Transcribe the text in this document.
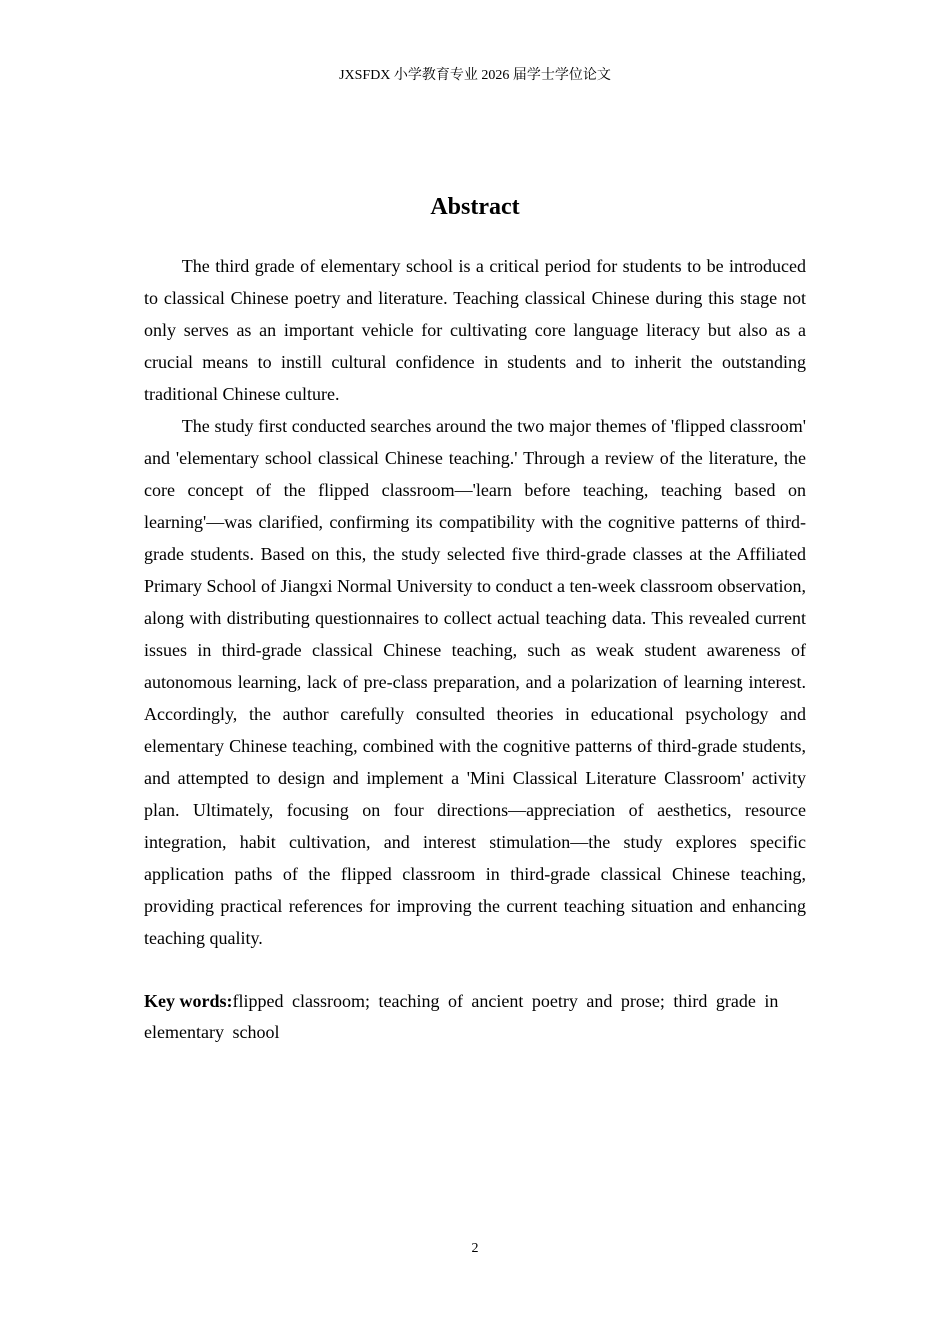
JXSFDX 小学教育专业 2026 届学士学位论文
Abstract

The third grade of elementary school is a critical period for students to be introduced to classical Chinese poetry and literature. Teaching classical Chinese during this stage not only serves as an important vehicle for cultivating core language literacy but also as a crucial means to instill cultural confidence in students and to inherit the outstanding traditional Chinese culture.

The study first conducted searches around the two major themes of 'flipped classroom' and 'elementary school classical Chinese teaching.' Through a review of the literature, the core concept of the flipped classroom—'learn before teaching, teaching based on learning'—was clarified, confirming its compatibility with the cognitive patterns of third-grade students. Based on this, the study selected five third-grade classes at the Affiliated Primary School of Jiangxi Normal University to conduct a ten-week classroom observation, along with distributing questionnaires to collect actual teaching data. This revealed current issues in third-grade classical Chinese teaching, such as weak student awareness of autonomous learning, lack of pre-class preparation, and a polarization of learning interest. Accordingly, the author carefully consulted theories in educational psychology and elementary Chinese teaching, combined with the cognitive patterns of third-grade students, and attempted to design and implement a 'Mini Classical Literature Classroom' activity plan. Ultimately, focusing on four directions—appreciation of aesthetics, resource integration, habit cultivation, and interest stimulation—the study explores specific application paths of the flipped classroom in third-grade classical Chinese teaching, providing practical references for improving the current teaching situation and enhancing teaching quality.

Key words:flipped classroom; teaching of ancient poetry and prose; third grade in elementary school

2
